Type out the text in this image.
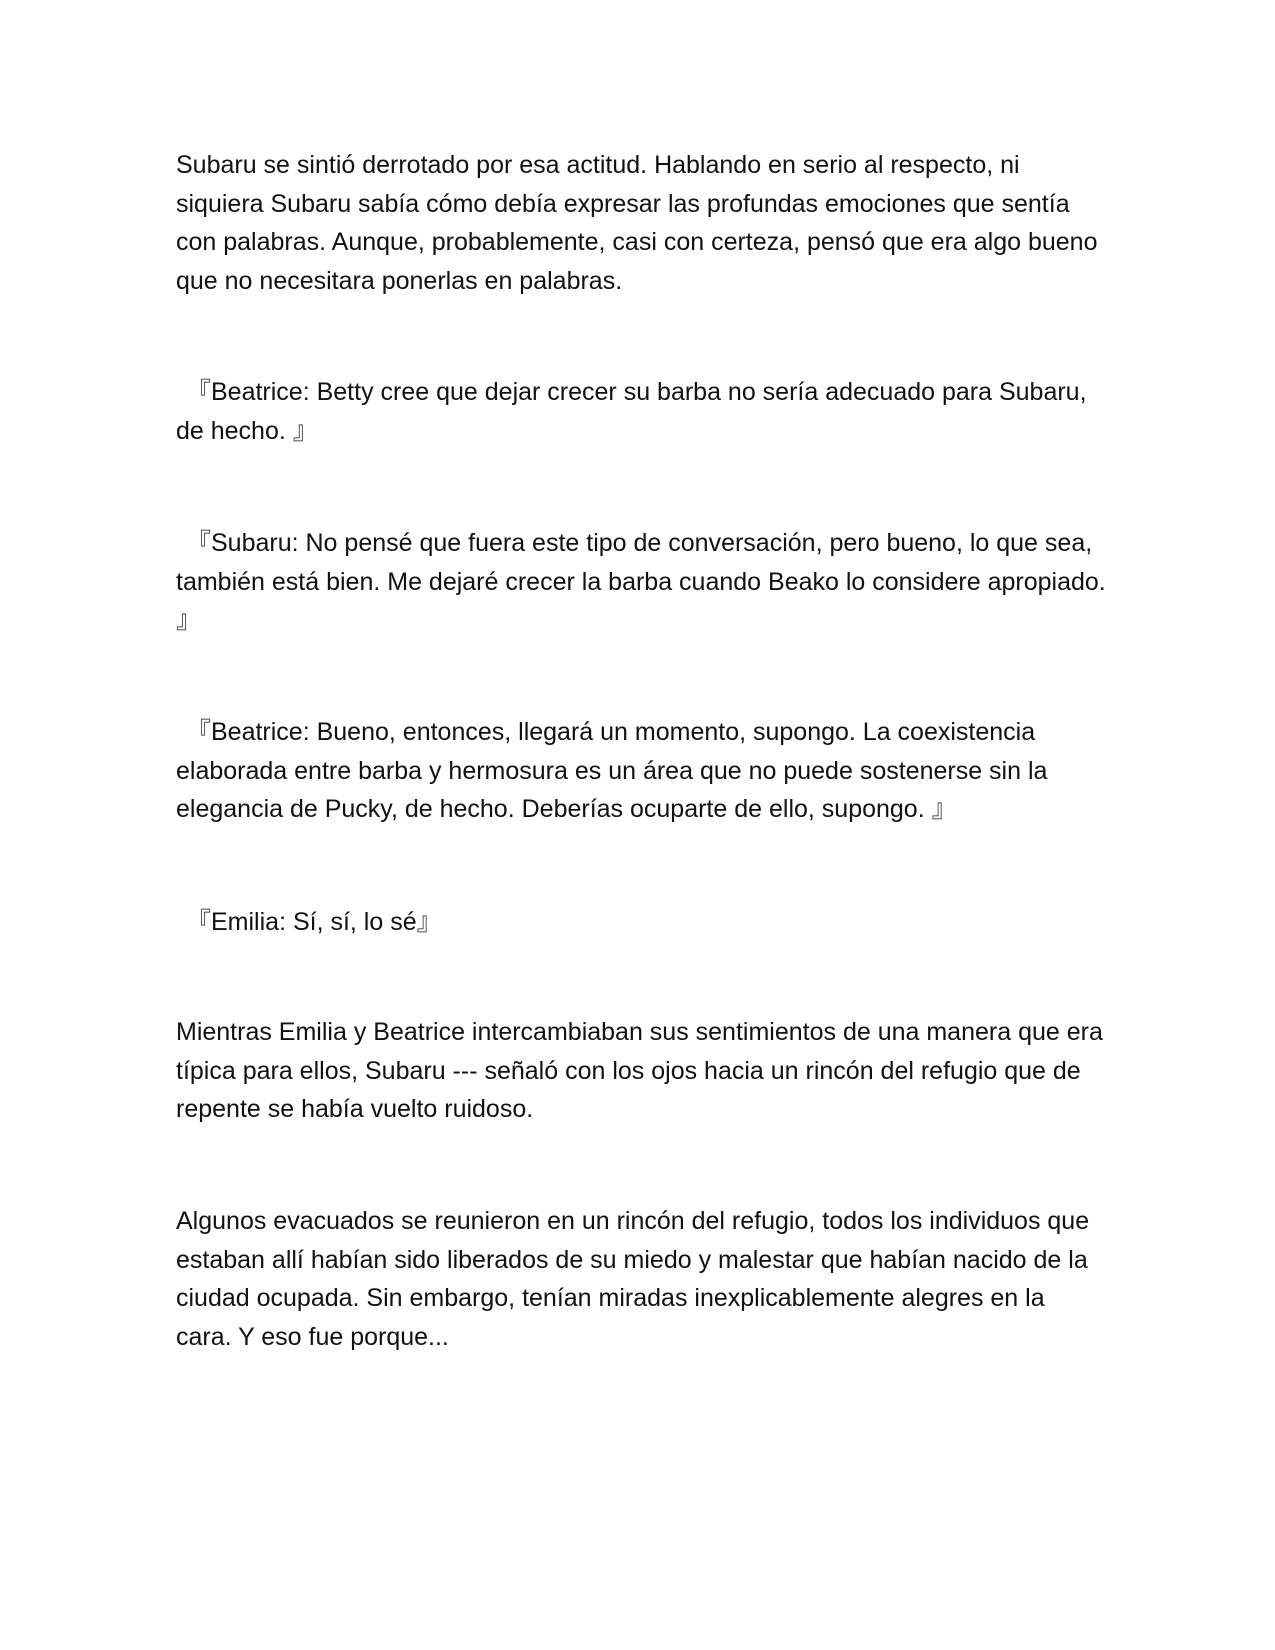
Subaru se sintió derrotado por esa actitud. Hablando en serio al respecto, ni siquiera Subaru sabía cómo debía expresar las profundas emociones que sentía con palabras. Aunque, probablemente, casi con certeza, pensó que era algo bueno que no necesitara ponerlas en palabras.

『Beatrice: Betty cree que dejar crecer su barba no sería adecuado para Subaru, de hecho. 』

『Subaru: No pensé que fuera este tipo de conversación, pero bueno, lo que sea, también está bien. Me dejaré crecer la barba cuando Beako lo considere apropiado. 』

『Beatrice: Bueno, entonces, llegará un momento, supongo. La coexistencia elaborada entre barba y hermosura es un área que no puede sostenerse sin la elegancia de Pucky, de hecho. Deberías ocuparte de ello, supongo. 』

『Emilia: Sí, sí, lo sé』

Mientras Emilia y Beatrice intercambiaban sus sentimientos de una manera que era típica para ellos, Subaru --- señaló con los ojos hacia un rincón del refugio que de repente se había vuelto ruidoso.

Algunos evacuados se reunieron en un rincón del refugio, todos los individuos que estaban allí habían sido liberados de su miedo y malestar que habían nacido de la ciudad ocupada. Sin embargo, tenían miradas inexplicablemente alegres en la cara. Y eso fue porque...
